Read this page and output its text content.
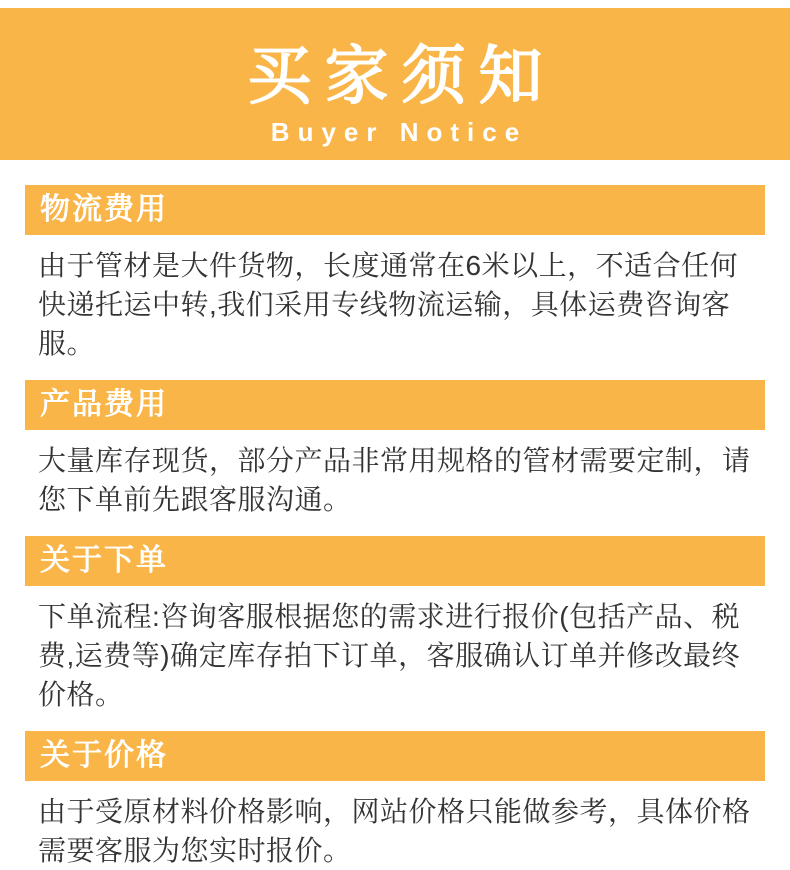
买家须知
Buyer Notice
物流费用

由于管材是大件货物，长度通常在6米以上，不适合任何快递托运中转,我们采用专线物流运输，具体运费咨询客服。

产品费用

大量库存现货，部分产品非常用规格的管材需要定制，请您下单前先跟客服沟通。

关于下单

下单流程:咨询客服根据您的需求进行报价(包括产品、税费,运费等)确定库存拍下订单，客服确认订单并修改最终价格。

关于价格

由于受原材料价格影响，网站价格只能做参考，具体价格需要客服为您实时报价。
